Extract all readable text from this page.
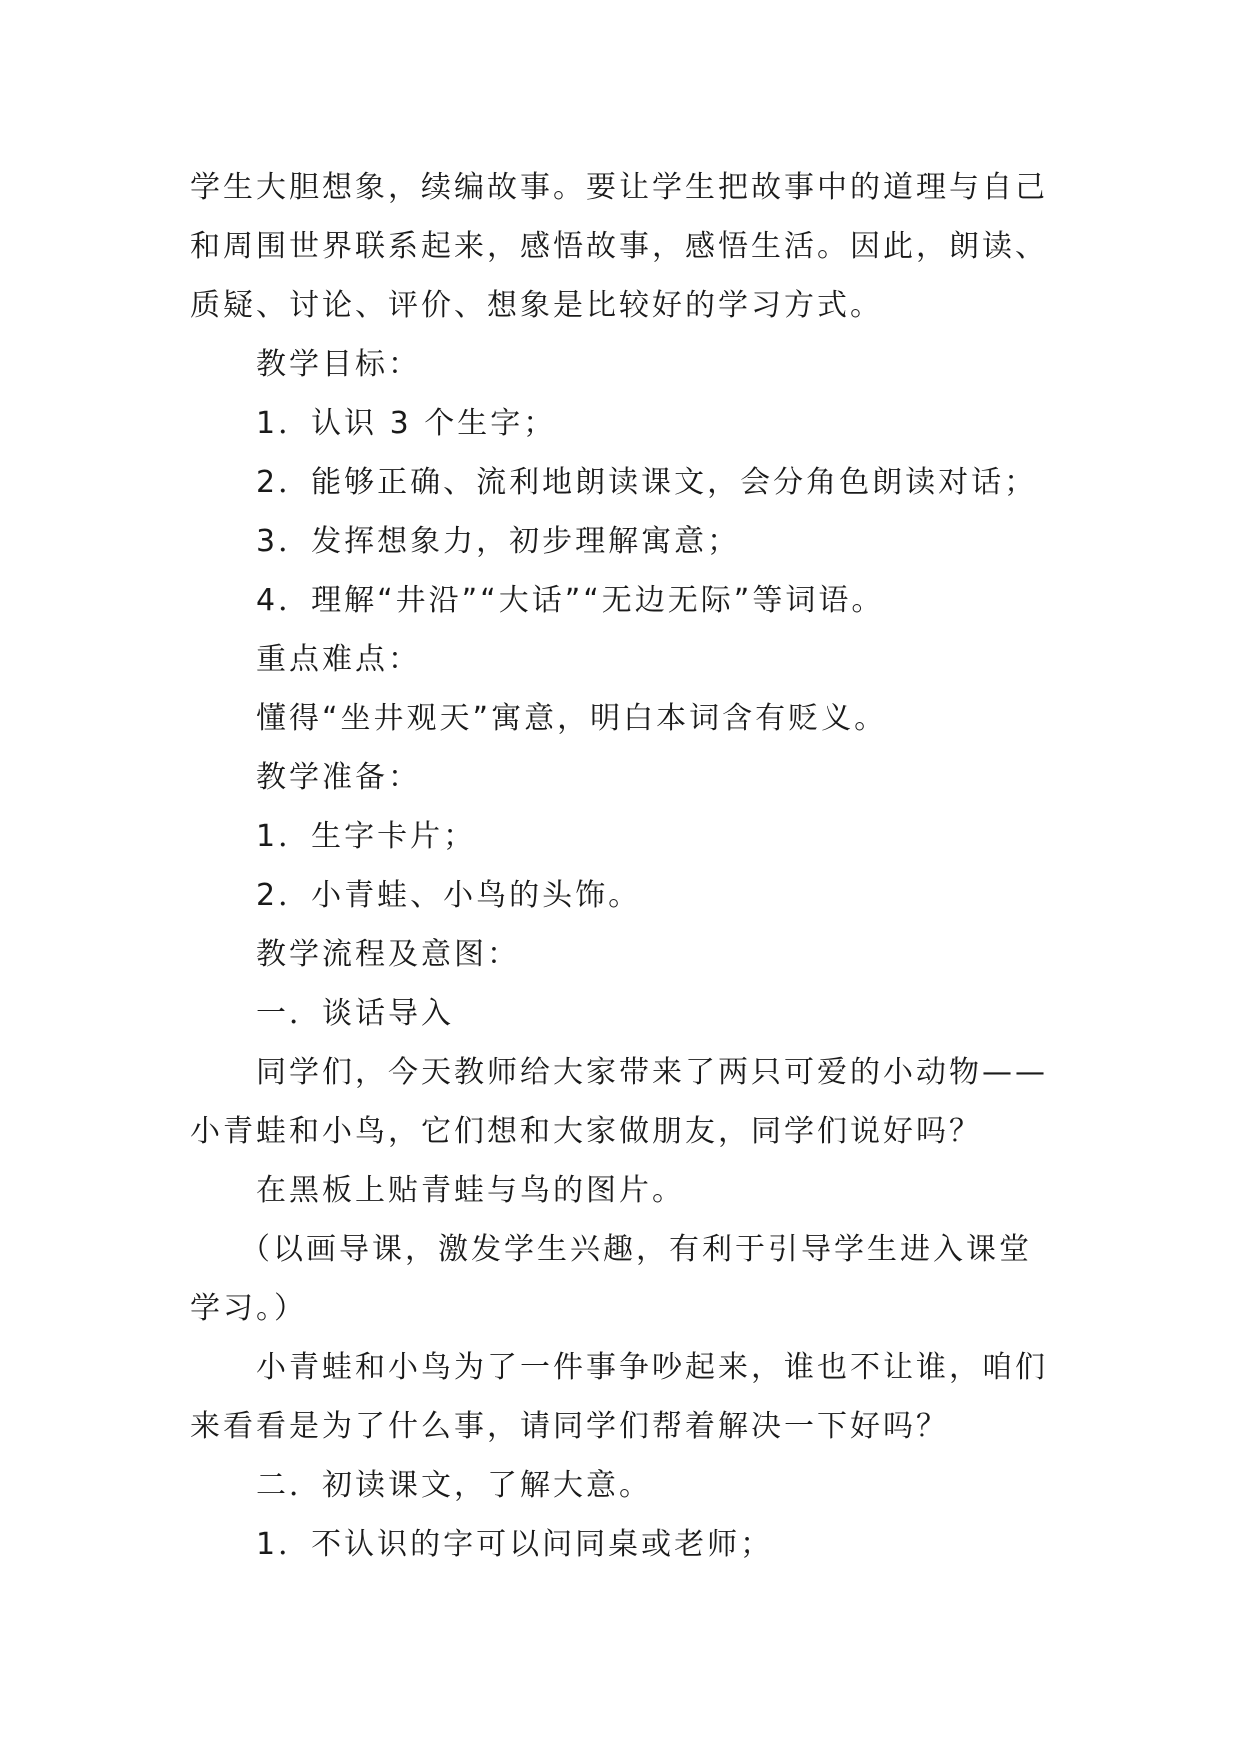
学生大胆想象，续编故事。要让学生把故事中的道理与自己
和周围世界联系起来，感悟故事，感悟生活。因此，朗读、
质疑、讨论、评价、想象是比较好的学习方式。
教学目标：
1．认识 3 个生字；
2．能够正确、流利地朗读课文，会分角色朗读对话；
3．发挥想象力，初步理解寓意；
4．理解“井沿”“大话”“无边无际”等词语。
重点难点：
懂得“坐井观天”寓意，明白本词含有贬义。
教学准备：
1．生字卡片；
2．小青蛙、小鸟的头饰。
教学流程及意图：
一．谈话导入
同学们，今天教师给大家带来了两只可爱的小动物——
小青蛙和小鸟，它们想和大家做朋友，同学们说好吗？
在黑板上贴青蛙与鸟的图片。
（以画导课，激发学生兴趣，有利于引导学生进入课堂
学习。）
小青蛙和小鸟为了一件事争吵起来，谁也不让谁，咱们
来看看是为了什么事，请同学们帮着解决一下好吗？
二．初读课文，了解大意。
1．不认识的字可以问同桌或老师；
